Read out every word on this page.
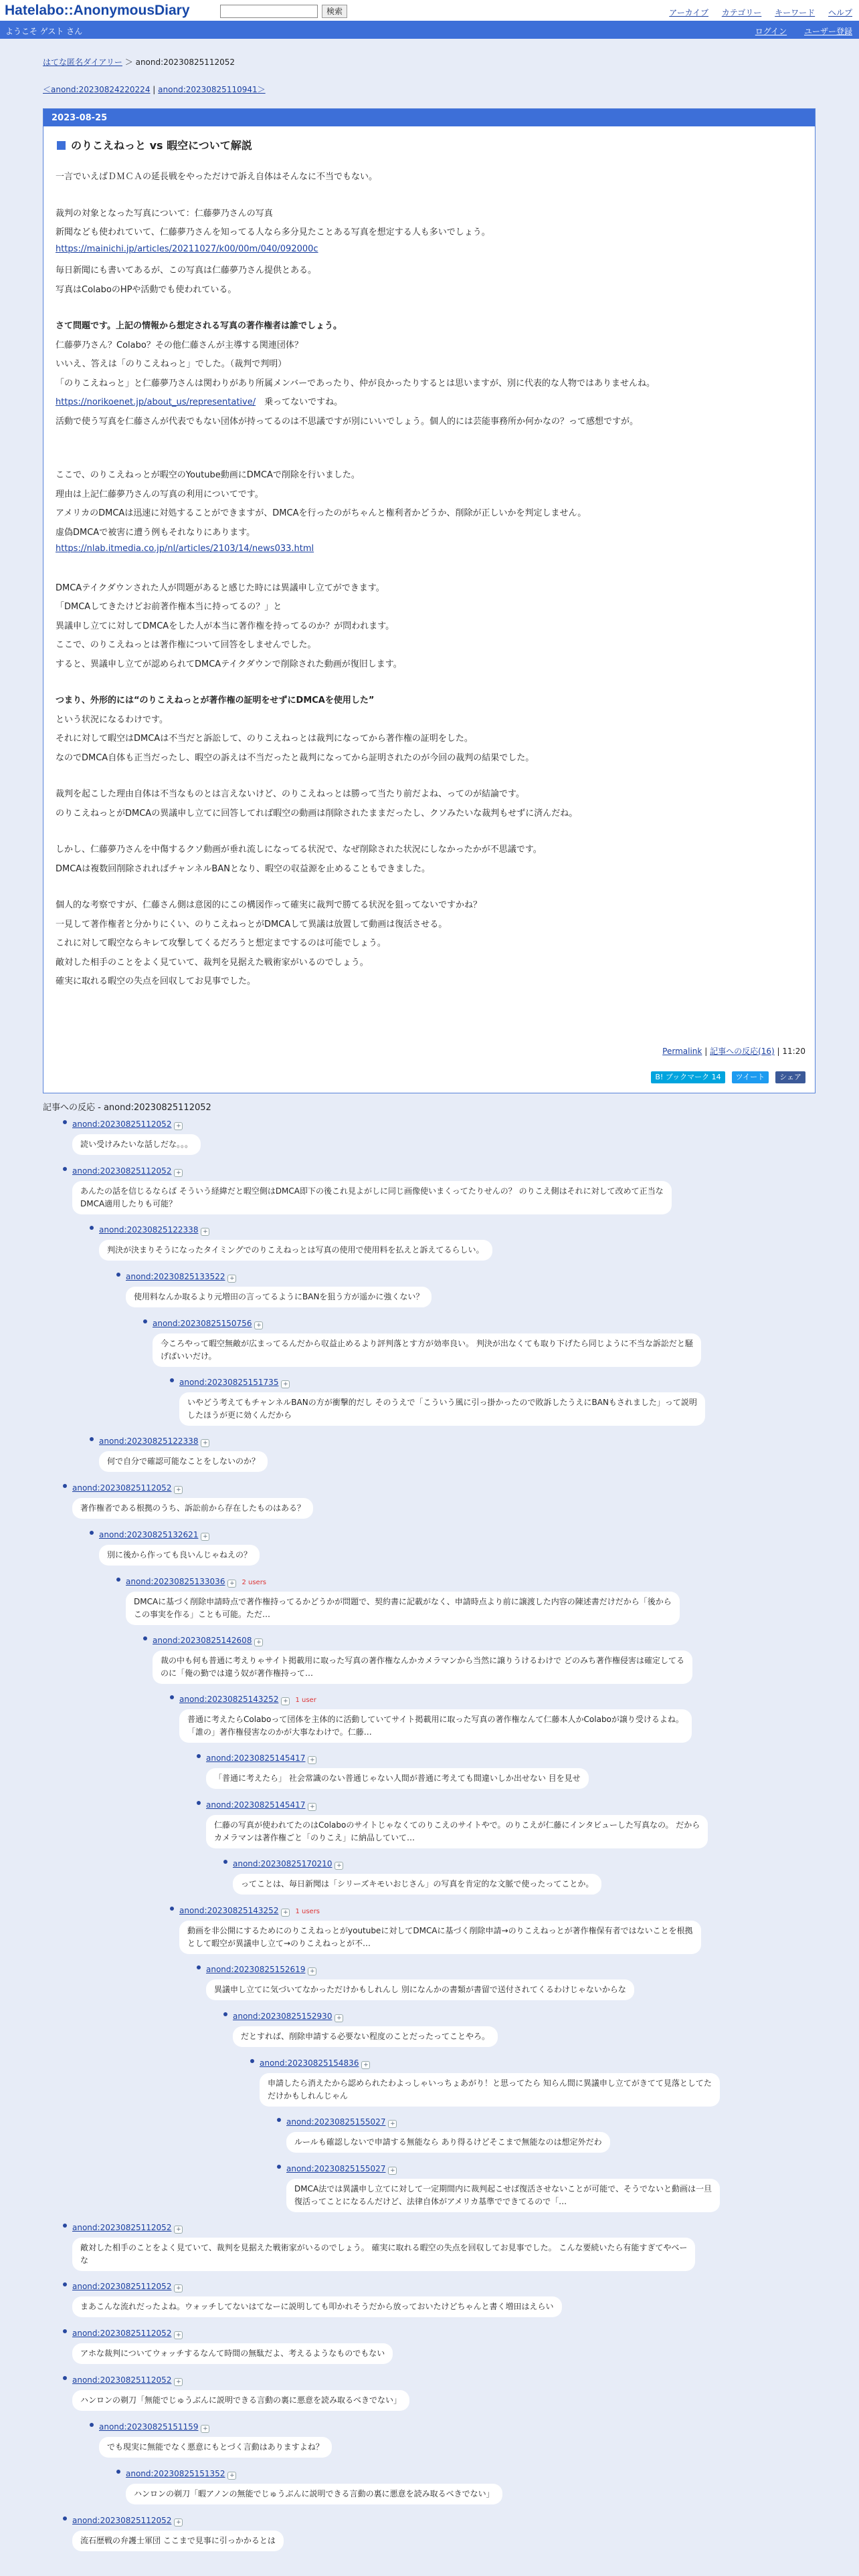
Hatelabo::AnonymousDiary	検索	アーカイブ カテゴリー キーワード ヘルプ
ようこそ ゲスト さん	ログイン ユーザー登録
はてな匿名ダイアリー ＞ anond:20230825112052
＜anond:20230824220224 | anond:20230825110941＞
2023-08-25
のりこえねっと vs 暇空について解説
一言でいえばＤＭＣＡの延長戦をやっただけで訴え自体はそんなに不当でもない。
裁判の対象となった写真について：仁藤夢乃さんの写真
新聞なども使われていて、仁藤夢乃さんを知ってる人なら多分見たことある写真を想定する人も多いでしょう。
https://mainichi.jp/articles/20211027/k00/00m/040/092000c
毎日新聞にも書いてあるが、この写真は仁藤夢乃さん提供とある。
写真はColaboのHPや活動でも使われている。
さて問題です。上記の情報から想定される写真の著作権者は誰でしょう。
仁藤夢乃さん？Colabo？その他仁藤さんが主導する関連団体？
いいえ、答えは「のりこえねっと」でした。（裁判で判明）
「のりこえねっと」と仁藤夢乃さんは関わりがあり所属メンバーであったり、仲が良かったりするとは思いますが、別に代表的な人物ではありませんね。
https://norikoenet.jp/about_us/representative/　乗ってないですね。
活動で使う写真を仁藤さんが代表でもない団体が持ってるのは不思議ですが別にいいでしょう。個人的には芸能事務所か何かなの？って感想ですが。
ここで、のりこえねっとが暇空のYoutube動画にDMCAで削除を行いました。
理由は上記仁藤夢乃さんの写真の利用についてです。
アメリカのDMCAは迅速に対処することができますが、DMCAを行ったのがちゃんと権利者かどうか、削除が正しいかを判定しません。
虚偽DMCAで被害に遭う例もそれなりにあります。
https://nlab.itmedia.co.jp/nl/articles/2103/14/news033.html
DMCAテイクダウンされた人が問題があると感じた時には異議申し立てができます。
「DMCAしてきたけどお前著作権本当に持ってるの？」と
異議申し立てに対してDMCAをした人が本当に著作権を持ってるのか？が問われます。
ここで、のりこえねっとは著作権について回答をしませんでした。
すると、異議申し立てが認められてDMCAテイクダウンで削除された動画が復旧します。
つまり、外形的には“のりこえねっとが著作権の証明をせずにDMCAを使用した”
という状況になるわけです。
それに対して暇空はDMCAは不当だと訴訟して、のりこえねっとは裁判になってから著作権の証明をした。
なのでDMCA自体も正当だったし、暇空の訴えは不当だったと裁判になってから証明されたのが今回の裁判の結果でした。
裁判を起こした理由自体は不当なものとは言えないけど、のりこえねっとは勝って当たり前だよね、ってのが結論です。
のりこえねっとがDMCAの異議申し立てに回答してれば暇空の動画は削除されたままだったし、クソみたいな裁判もせずに済んだね。
しかし、仁藤夢乃さんを中傷するクソ動画が垂れ流しになってる状況で、なぜ削除された状況にしなかったかが不思議です。
DMCAは複数回削除されればチャンネルBANとなり、暇空の収益源を止めることもできました。
個人的な考察ですが、仁藤さん側は意図的にこの構図作って確実に裁判で勝てる状況を狙ってないですかね？
一見して著作権者と分かりにくい、のりこえねっとがDMCAして異議は放置して動画は復活させる。
これに対して暇空ならキレて攻撃してくるだろうと想定までするのは可能でしょう。
敵対した相手のことをよく見ていて、裁判を見据えた戦術家がいるのでしょう。
確実に取れる暇空の失点を回収してお見事でした。
Permalink | 記事への反応(16) | 11:20
B! ブックマーク 14 ツイート シェア
記事への反応 - anond:20230825112052
anond:20230825112052 +

読い受けみたいな話しだな。。。
anond:20230825112052 +

あんたの話を信じるならば そういう経緯だと暇空側はDMCA即下の後これ見よがしに同じ画像使いまくってたりせんの？ のりこえ側はそれに対して改めて正当な
DMCA適用したりも可能？
anond:20230825122338 +

判決が決まりそうになったタイミングでのりこえねっとは写真の使用で使用料を払えと訴えてるらしい。
anond:20230825133522 +

使用料なんか取るより元増田の言ってるようにBANを狙う方が遥かに強くない？
anond:20230825150756 +

今ころやって暇空無敵が広まってるんだから収益止めるより評判落とす方が効率良い。 判決が出なくても取り下げたら同じように不当な訴訟だと騒
げばいいだけ。
anond:20230825151735 +

いやどう考えてもチャンネルBANの方が衝撃的だし そのうえで「こういう風に引っ掛かったので敗訴したうえにBANもされました」って説明
したほうが更に効くんだから
anond:20230825122338 +

何で自分で確認可能なことをしないのか？
anond:20230825112052 +

著作権者である根拠のうち、訴訟前から存在したものはある？
anond:20230825132621 +

別に後から作っても良いんじゃねえの？
anond:20230825133036 + 2 users

DMCAに基づく削除申請時点で著作権持ってるかどうかが問題で、契約書に記載がなく、申請時点より前に譲渡した内容の陳述書だけだから「後から
この事実を作る」ことも可能。ただ…
anond:20230825142608 +

裁の中も何も普通に考えりゃサイト掲載用に取った写真の著作権なんかカメラマンから当然に譲りうけるわけで どのみち著作権侵害は確定してる
のに「俺の勤では違う奴が著作権持って…
anond:20230825143252 + 1 user

普通に考えたらColaboって団体を主体的に活動していてサイト掲載用に取った写真の著作権なんて仁藤本人かColaboが譲り受けるよね。
「誰の」著作権侵害なのかが大事なわけで。仁藤…
anond:20230825145417 +

「普通に考えたら」 社会常識のない普通じゃない人間が普通に考えても間違いしか出せない 目を見せ
anond:20230825145417 +

仁藤の写真が使われてたのはColaboのサイトじゃなくてのりこえのサイトやで。のりこえが仁藤にインタビューした写真なの。 だから
カメラマンは著作権ごと「のりこえ」に納品していて…
anond:20230825170210 +

ってことは、毎日新聞は「シリーズキモいおじさん」の写真を肯定的な文脈で使ったってことか。
anond:20230825143252 + 1 users

動画を非公開にするためにのりこえねっとがyoutubeに対してDMCAに基づく削除申請→のりこえねっとが著作権保有者ではないことを根拠
として暇空が異議申し立て→のりこえねっとが不…
anond:20230825152619 +

異議申し立てに気づいてなかっただけかもしれんし 別になんかの書類が書留で送付されてくるわけじゃないからな
anond:20230825152930 +

だとすれば、削除申請する必要ない程度のことだったってことやろ。
anond:20230825154836 +

申請したら消えたから認められたわよっしゃいっちょあがり！と思ってたら 知らん間に異議申し立てがきてて見落としてた
だけかもしれんじゃん
anond:20230825155027 +

ルールも確認しないで申請する無能なら あり得るけどそこまで無能なのは想定外だわ
anond:20230825155027 +

DMCA法では異議申し立てに対して一定期間内に裁判起こせば復活させないことが可能で、そうでないと動画は一旦
復活ってことになるんだけど、法律自体がアメリカ基準でできてるので「…
anond:20230825112052 +

敵対した相手のことをよく見ていて、裁判を見据えた戦術家がいるのでしょう。 確実に取れる暇空の失点を回収してお見事でした。 こんな要続いたら有能すぎてやべー
な
anond:20230825112052 +

まあこんな流れだったよね。ウォッチしてないはてなーに説明しても叩かれそうだから放っておいたけどちゃんと書く増田はえらい
anond:20230825112052 +

アホな裁判についてウォッチするなんて時間の無駄だよ、考えるようなものでもない
anond:20230825112052 +

ハンロンの剃刀「無能でじゅうぶんに説明できる言動の裏に悪意を読み取るべきでない」
anond:20230825151159 +

でも現実に無能でなく悪意にもとづく言動はありますよね？
anond:20230825151352 +

ハンロンの剃刀「暇アノンの無能でじゅうぶんに説明できる言動の裏に悪意を読み取るべきでない」
anond:20230825112052 +

流石歴戦の弁護士軍団 ここまで見事に引っかかるとは
